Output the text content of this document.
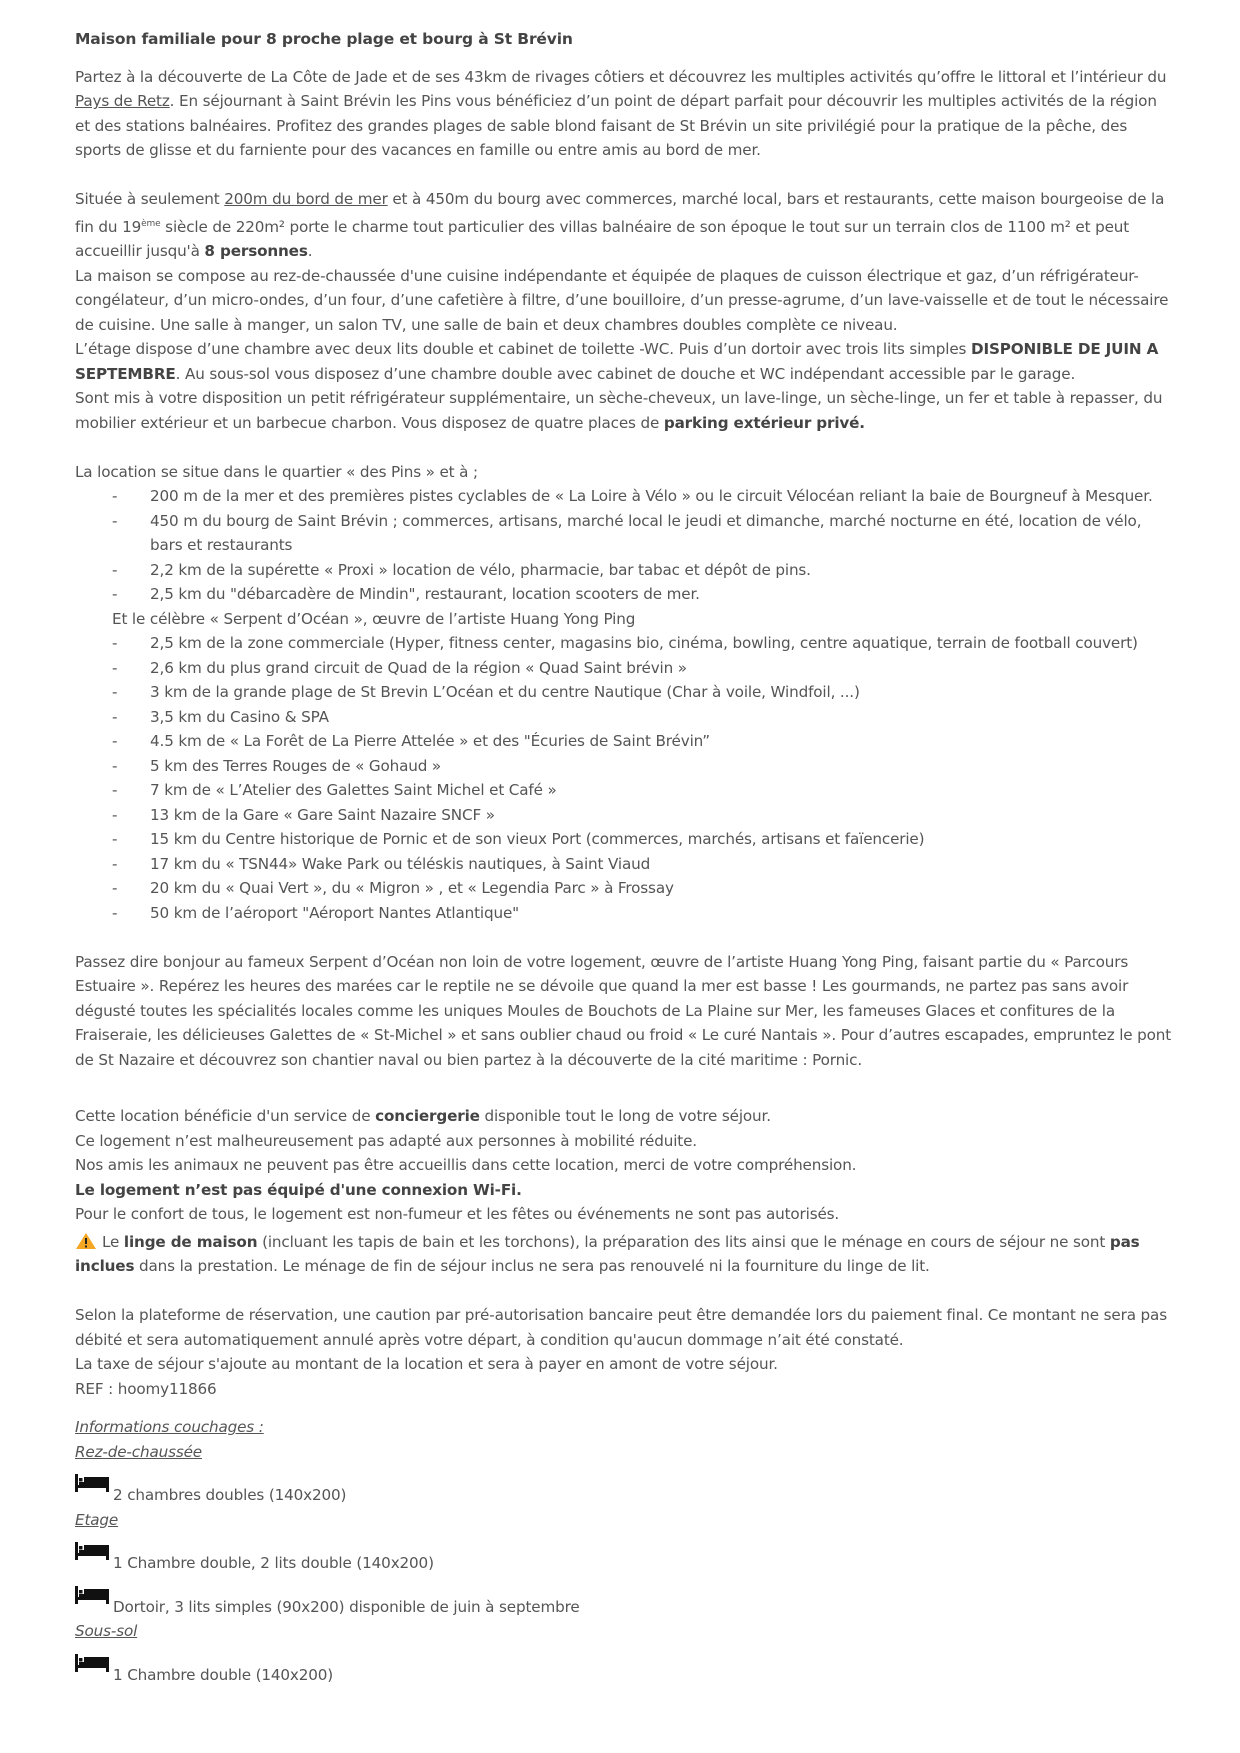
Maison familiale pour 8 proche plage et bourg à St Brévin

Partez à la découverte de La Côte de Jade et de ses 43km de rivages côtiers et découvrez les multiples activités qu’offre le littoral et l’intérieur du Pays de Retz. En séjournant à Saint Brévin les Pins vous bénéficiez d’un point de départ parfait pour découvrir les multiples activités de la région et des stations balnéaires. Profitez des grandes plages de sable blond faisant de St Brévin un site privilégié pour la pratique de la pêche, des sports de glisse et du farniente pour des vacances en famille ou entre amis au bord de mer.

Située à seulement 200m du bord de mer et à 450m du bourg avec commerces, marché local, bars et restaurants, cette maison bourgeoise de la fin du 19ème siècle de 220m² porte le charme tout particulier des villas balnéaire de son époque le tout sur un terrain clos de 1100 m² et peut accueillir jusqu'à 8 personnes.

La maison se compose au rez-de-chaussée d'une cuisine indépendante et équipée de plaques de cuisson électrique et gaz, d’un réfrigérateur- congélateur, d’un micro-ondes, d’un four, d’une cafetière à filtre, d’une bouilloire, d’un presse-agrume, d’un lave-vaisselle et de tout le nécessaire de cuisine. Une salle à manger, un salon TV, une salle de bain et deux chambres doubles complète ce niveau.

L’étage dispose d’une chambre avec deux lits double et cabinet de toilette -WC. Puis d’un dortoir avec trois lits simples DISPONIBLE DE JUIN A SEPTEMBRE. Au sous-sol vous disposez d’une chambre double avec cabinet de douche et WC indépendant accessible par le garage.

Sont mis à votre disposition un petit réfrigérateur supplémentaire, un sèche-cheveux, un lave-linge, un sèche-linge, un fer et table à repasser, du mobilier extérieur et un barbecue charbon. Vous disposez de quatre places de parking extérieur privé.

La location se situe dans le quartier « des Pins » et à ;

- 200 m de la mer et des premières pistes cyclables de « La Loire à Vélo » ou le circuit Vélocéan reliant la baie de Bourgneuf à Mesquer.
- 450 m du bourg de Saint Brévin ; commerces, artisans, marché local le jeudi et dimanche, marché nocturne en été, location de vélo, bars et restaurants
- 2,2 km de la supérette « Proxi » location de vélo, pharmacie, bar tabac et dépôt de pins.
- 2,5 km du "débarcadère de Mindin", restaurant, location scooters de mer.

Et le célèbre « Serpent d’Océan », œuvre de l’artiste Huang Yong Ping

- 2,5 km de la zone commerciale (Hyper, fitness center, magasins bio, cinéma, bowling, centre aquatique, terrain de football couvert)
- 2,6 km du plus grand circuit de Quad de la région « Quad Saint brévin »
- 3 km de la grande plage de St Brevin L’Océan et du centre Nautique (Char à voile, Windfoil, ...)
- 3,5 km du Casino & SPA
- 4.5 km de « La Forêt de La Pierre Attelée » et des "Écuries de Saint Brévin”
- 5 km des Terres Rouges de « Gohaud »
- 7 km de « L’Atelier des Galettes Saint Michel et Café »
- 13 km de la Gare « Gare Saint Nazaire SNCF »
- 15 km du Centre historique de Pornic et de son vieux Port (commerces, marchés, artisans et faïencerie)
- 17 km du « TSN44» Wake Park ou téléskis nautiques, à Saint Viaud
- 20 km du « Quai Vert », du « Migron » , et « Legendia Parc » à Frossay
- 50 km de l’aéroport "Aéroport Nantes Atlantique"

Passez dire bonjour au fameux Serpent d’Océan non loin de votre logement, œuvre de l’artiste Huang Yong Ping, faisant partie du « Parcours Estuaire ». Repérez les heures des marées car le reptile ne se dévoile que quand la mer est basse ! Les gourmands, ne partez pas sans avoir dégusté toutes les spécialités locales comme les uniques Moules de Bouchots de La Plaine sur Mer, les fameuses Glaces et confitures de la Fraiseraie, les délicieuses Galettes de « St-Michel » et sans oublier chaud ou froid « Le curé Nantais ». Pour d’autres escapades, empruntez le pont de St Nazaire et découvrez son chantier naval ou bien partez à la découverte de la cité maritime : Pornic.

Cette location bénéficie d'un service de conciergerie disponible tout le long de votre séjour.

Ce logement n’est malheureusement pas adapté aux personnes à mobilité réduite.

Nos amis les animaux ne peuvent pas être accueillis dans cette location, merci de votre compréhension.

Le logement n’est pas équipé d'une connexion Wi-Fi.

Pour le confort de tous, le logement est non-fumeur et les fêtes ou événements ne sont pas autorisés.

Le linge de maison (incluant les tapis de bain et les torchons), la préparation des lits ainsi que le ménage en cours de séjour ne sont pas inclues dans la prestation. Le ménage de fin de séjour inclus ne sera pas renouvelé ni la fourniture du linge de lit.

Selon la plateforme de réservation, une caution par pré-autorisation bancaire peut être demandée lors du paiement final. Ce montant ne sera pas débité et sera automatiquement annulé après votre départ, à condition qu'aucun dommage n’ait été constaté.

La taxe de séjour s'ajoute au montant de la location et sera à payer en amont de votre séjour.

REF : hoomy11866

Informations couchages :

Rez-de-chaussée

2 chambres doubles (140x200)

Etage

1 Chambre double, 2 lits double (140x200)

Dortoir, 3 lits simples (90x200) disponible de juin à septembre

Sous-sol

1 Chambre double (140x200)
